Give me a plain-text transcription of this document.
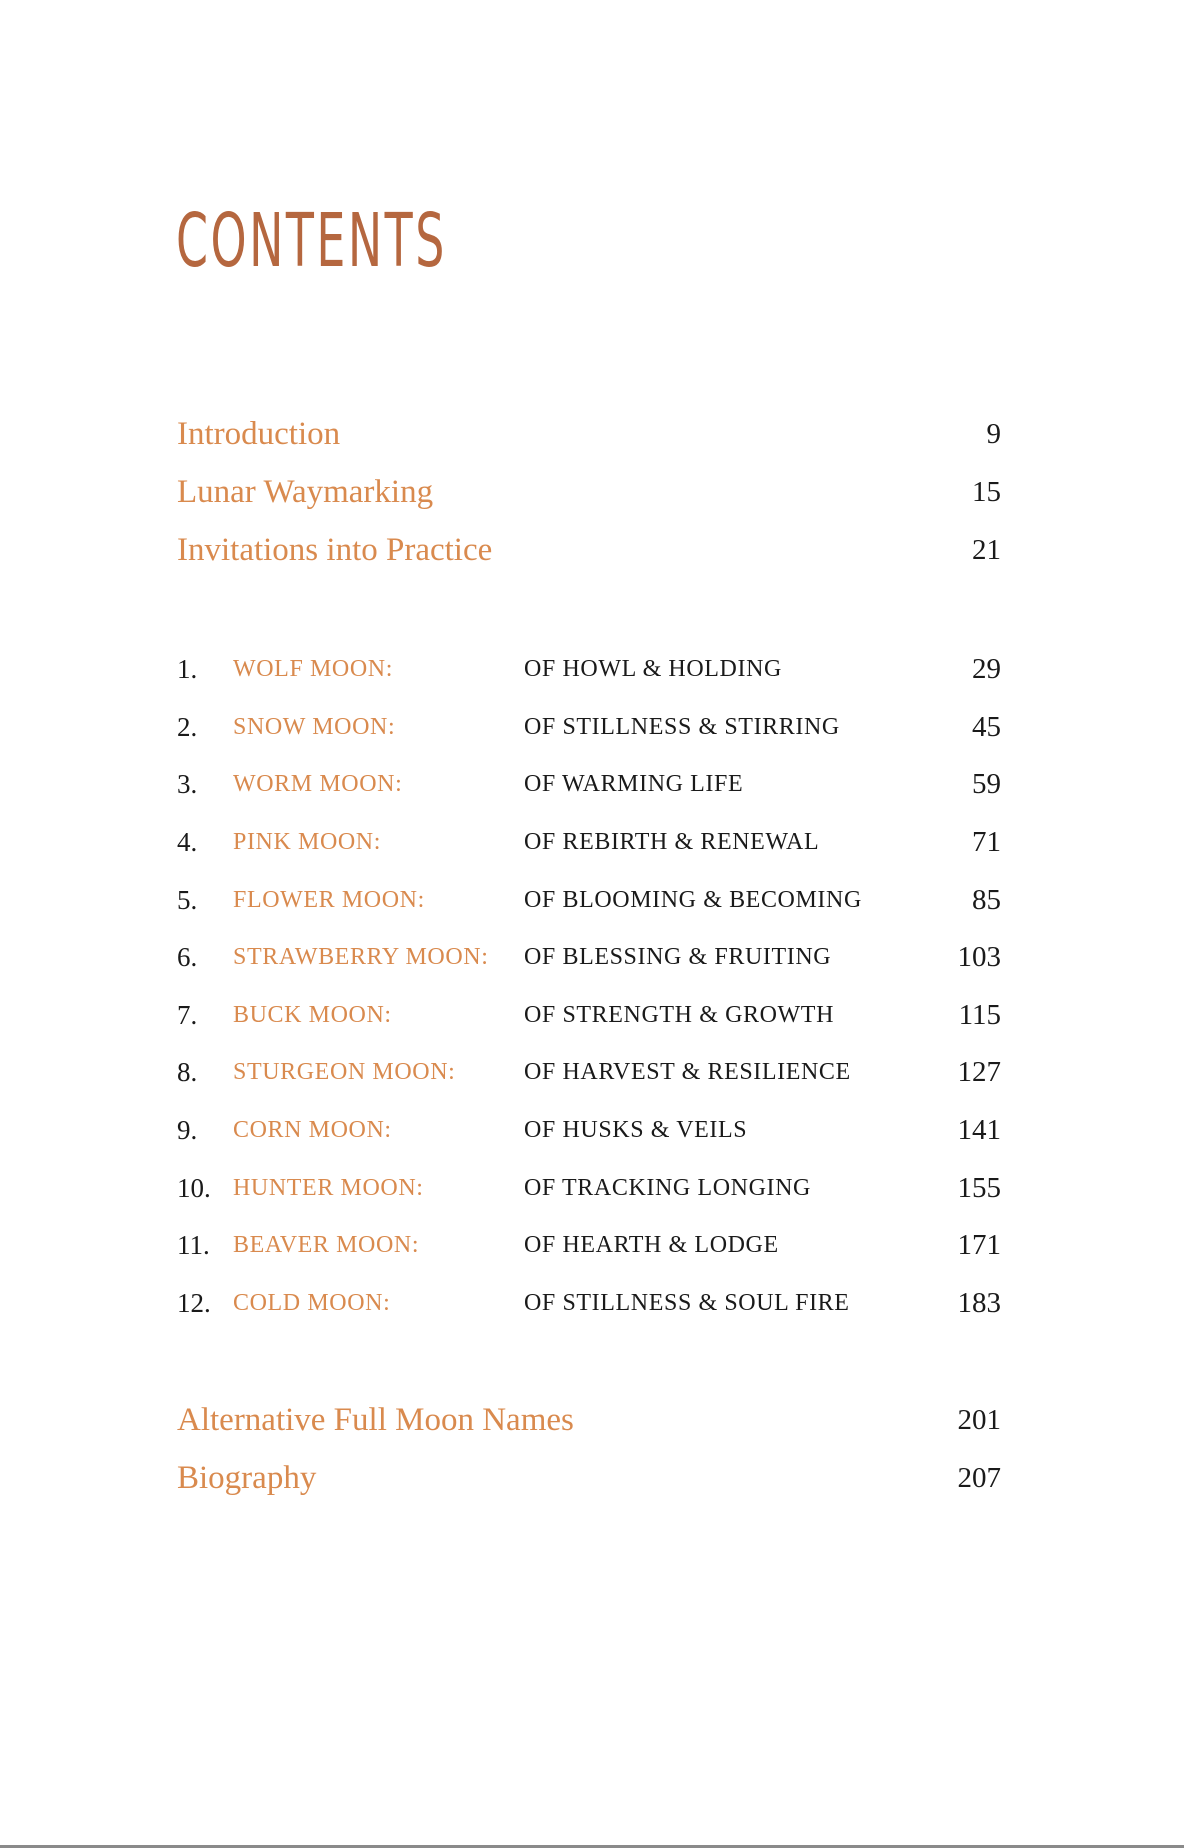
CONTENTS
Introduction	9
Lunar Waymarking	15
Invitations into Practice	21
1.	WOLF MOON:	OF HOWL & HOLDING	29
2.	SNOW MOON:	OF STILLNESS & STIRRING	45
3.	WORM MOON:	OF WARMING LIFE	59
4.	PINK MOON:	OF REBIRTH & RENEWAL	71
5.	FLOWER MOON:	OF BLOOMING & BECOMING	85
6.	STRAWBERRY MOON:	OF BLESSING & FRUITING	103
7.	BUCK MOON:	OF STRENGTH & GROWTH	115
8.	STURGEON MOON:	OF HARVEST & RESILIENCE	127
9.	CORN MOON:	OF HUSKS & VEILS	141
10. HUNTER MOON:	OF TRACKING LONGING	155
11. BEAVER MOON:	OF HEARTH & LODGE	171
12. COLD MOON:	OF STILLNESS & SOUL FIRE	183
Alternative Full Moon Names	201
Biography	207
